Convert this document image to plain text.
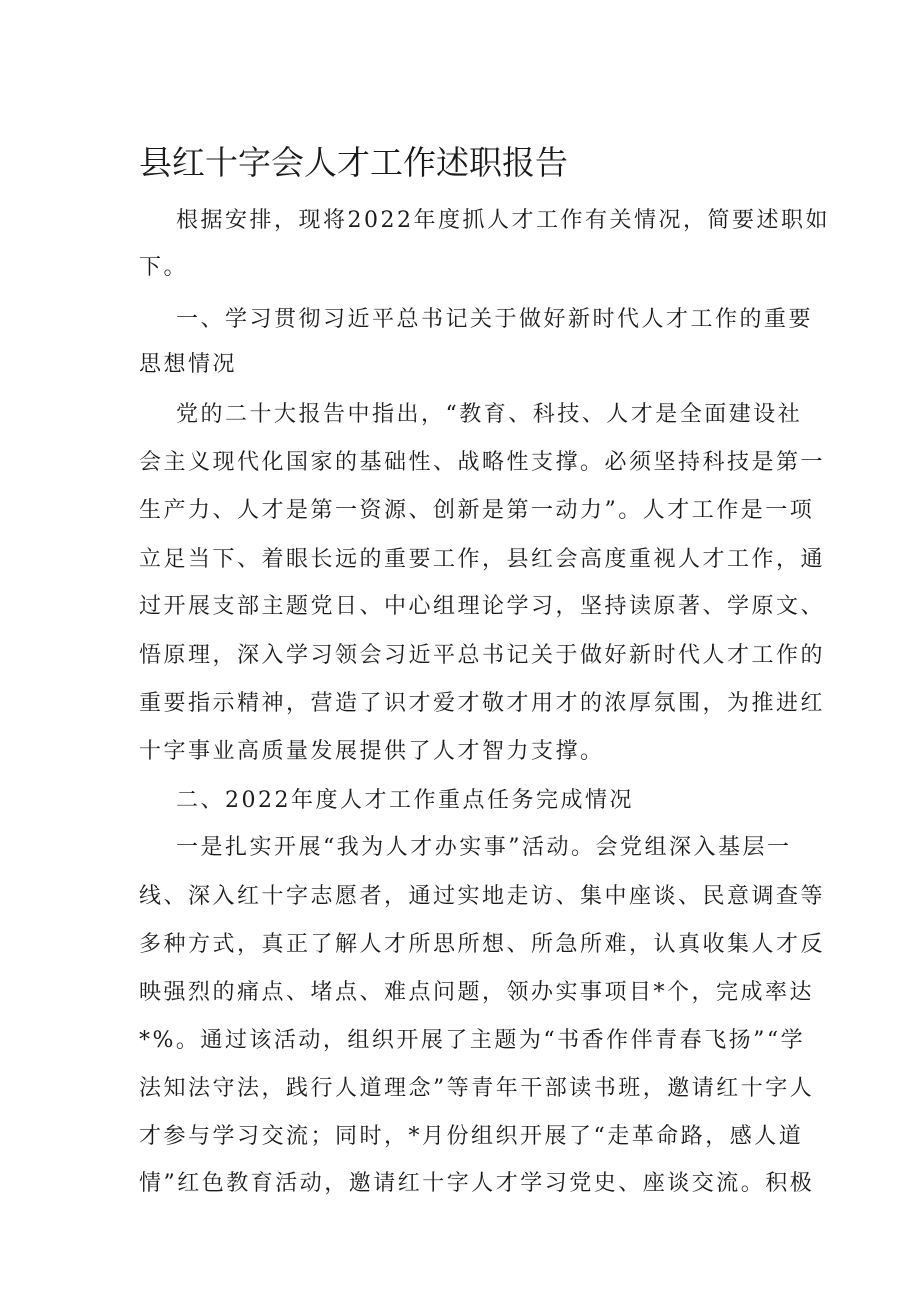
县红十字会人才工作述职报告
根据安排，现将2022年度抓人才工作有关情况，简要述职如
下。
一、学习贯彻习近平总书记关于做好新时代人才工作的重要
思想情况
党的二十大报告中指出，“教育、科技、人才是全面建设社
会主义现代化国家的基础性、战略性支撑。必须坚持科技是第一
生产力、人才是第一资源、创新是第一动力”。人才工作是一项
立足当下、着眼长远的重要工作，县红会高度重视人才工作，通
过开展支部主题党日、中心组理论学习，坚持读原著、学原文、
悟原理，深入学习领会习近平总书记关于做好新时代人才工作的
重要指示精神，营造了识才爱才敬才用才的浓厚氛围，为推进红
十字事业高质量发展提供了人才智力支撑。
二、2022年度人才工作重点任务完成情况
一是扎实开展“我为人才办实事”活动。会党组深入基层一
线、深入红十字志愿者，通过实地走访、集中座谈、民意调查等
多种方式，真正了解人才所思所想、所急所难，认真收集人才反
映强烈的痛点、堵点、难点问题，领办实事项目*个，完成率达
*%。通过该活动，组织开展了主题为“书香作伴青春飞扬”“学
法知法守法，践行人道理念”等青年干部读书班，邀请红十字人
才参与学习交流；同时，*月份组织开展了“走革命路，感人道
情”红色教育活动，邀请红十字人才学习党史、座谈交流。积极
